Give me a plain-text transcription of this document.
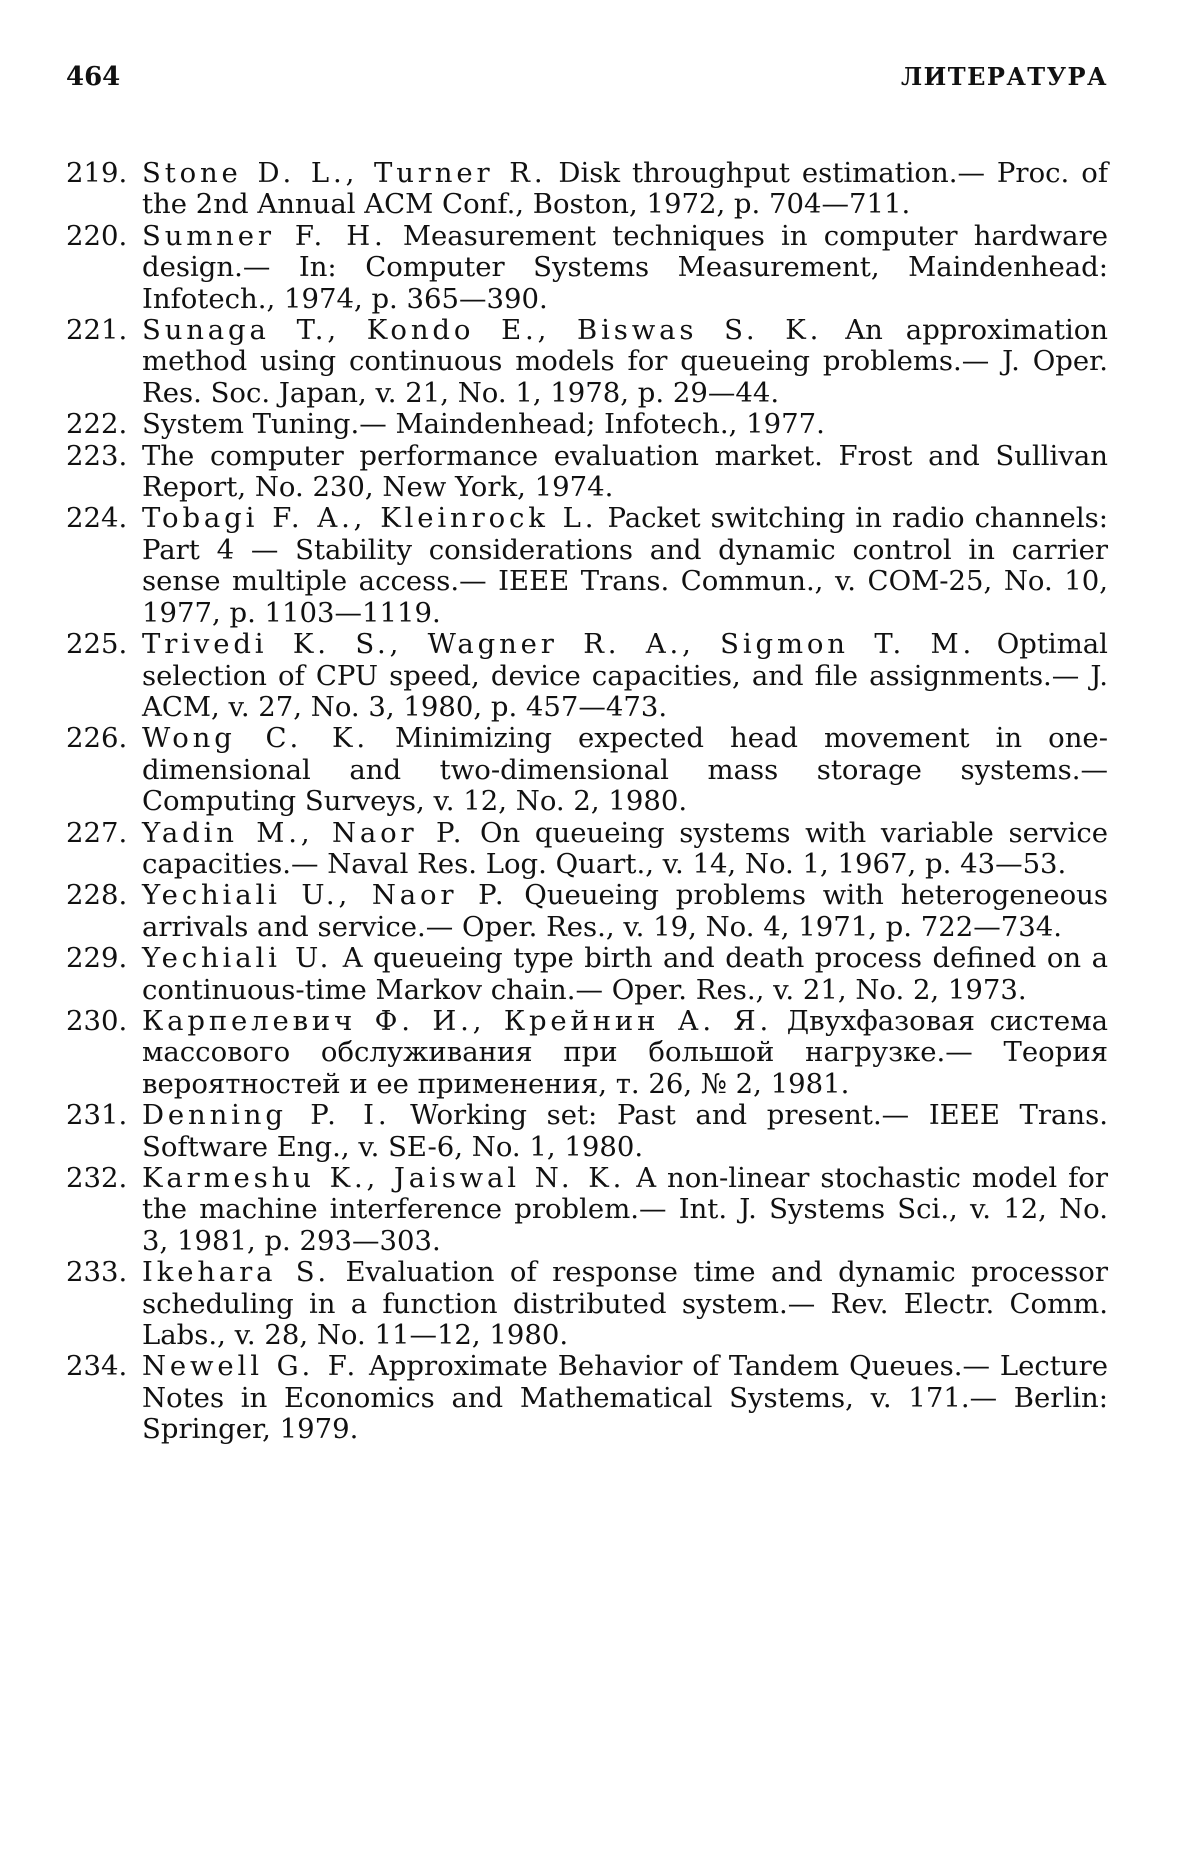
464	ЛИТЕРАТУРА
219. Stone D. L., Turner R. Disk throughput estimation.— Proc. of the 2nd Annual ACM Conf., Boston, 1972, p. 704—711.
220. Sumner F. H. Measurement techniques in computer hardware design.— In: Computer Systems Measurement, Maindenhead: Infotech., 1974, p. 365—390.
221. Sunaga T., Kondo E., Biswas S. K. An approximation method using continuous models for queueing problems.— J. Oper. Res. Soc. Japan, v. 21, No. 1, 1978, p. 29—44.
222. System Tuning.— Maindenhead; Infotech., 1977.
223. The computer performance evaluation market. Frost and Sullivan Report, No. 230, New York, 1974.
224. Tobagi F. A., Kleinrock L. Packet switching in radio channels: Part 4 — Stability considerations and dynamic control in carrier sense multiple access.— IEEE Trans. Commun., v. COM-25, No. 10, 1977, p. 1103—1119.
225. Trivedi K. S., Wagner R. A., Sigmon T. M. Optimal selection of CPU speed, device capacities, and file assignments.— J. ACM, v. 27, No. 3, 1980, p. 457—473.
226. Wong C. K. Minimizing expected head movement in one-dimensional and two-dimensional mass storage systems.— Computing Surveys, v. 12, No. 2, 1980.
227. Yadin M., Naor P. On queueing systems with variable service capacities.— Naval Res. Log. Quart., v. 14, No. 1, 1967, p. 43—53.
228. Yechiali U., Naor P. Queueing problems with heterogeneous arrivals and service.— Oper. Res., v. 19, No. 4, 1971, p. 722—734.
229. Yechiali U. A queueing type birth and death process defined on a continuous-time Markov chain.— Oper. Res., v. 21, No. 2, 1973.
230. Карпелевич Ф. И., Крейнин А. Я. Двухфазовая система массового обслуживания при большой нагрузке.— Теория вероятностей и ее применения, т. 26, № 2, 1981.
231. Denning P. I. Working set: Past and present.— IEEE Trans. Software Eng., v. SE-6, No. 1, 1980.
232. Karmeshu K., Jaiswal N. K. A non-linear stochastic model for the machine interference problem.— Int. J. Systems Sci., v. 12, No. 3, 1981, p. 293—303.
233. Ikehara S. Evaluation of response time and dynamic processor scheduling in a function distributed system.— Rev. Electr. Comm. Labs., v. 28, No. 11—12, 1980.
234. Newell G. F. Approximate Behavior of Tandem Queues.— Lecture Notes in Economics and Mathematical Systems, v. 171.— Berlin: Springer, 1979.
